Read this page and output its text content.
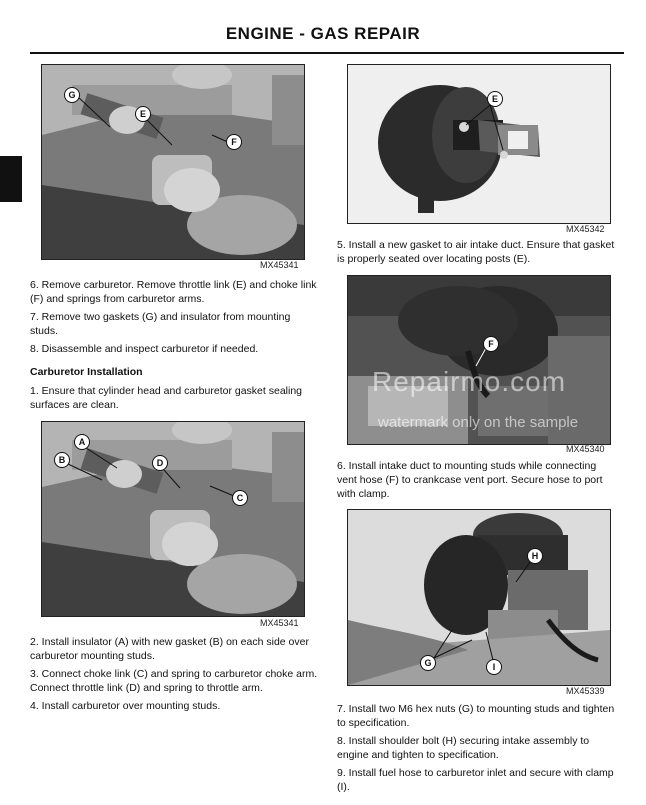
ENGINE - GAS REPAIR
G
E
F
MX45341
6. Remove carburetor. Remove throttle link (E) and choke link (F) and springs from carburetor arms.
7. Remove two gaskets (G) and insulator from mounting studs.
8. Disassemble and inspect carburetor if needed.
Carburetor Installation
1. Ensure that cylinder head and carburetor gasket sealing surfaces are clean.
A
B	D
C
MX45341
2. Install insulator (A) with new gasket (B) on each side over carburetor mounting studs.
3. Connect choke link (C) and spring to carburetor choke arm. Connect throttle link (D) and spring to throttle arm.
4. Install carburetor over mounting studs.
E
MX45342
5. Install a new gasket to air intake duct. Ensure that gasket is properly seated over locating posts (E).
F
MX45340
Repairmo.com
watermark only on the sample
6. Install intake duct to mounting studs while connecting vent hose (F) to crankcase vent port. Secure hose to port with clamp.
H
G	I
MX45339
7. Install two M6 hex nuts (G) to mounting studs and tighten to specification.
8. Install shoulder bolt (H) securing intake assembly to engine and tighten to specification.
9. Install fuel hose to carburetor inlet and secure with clamp (I).
